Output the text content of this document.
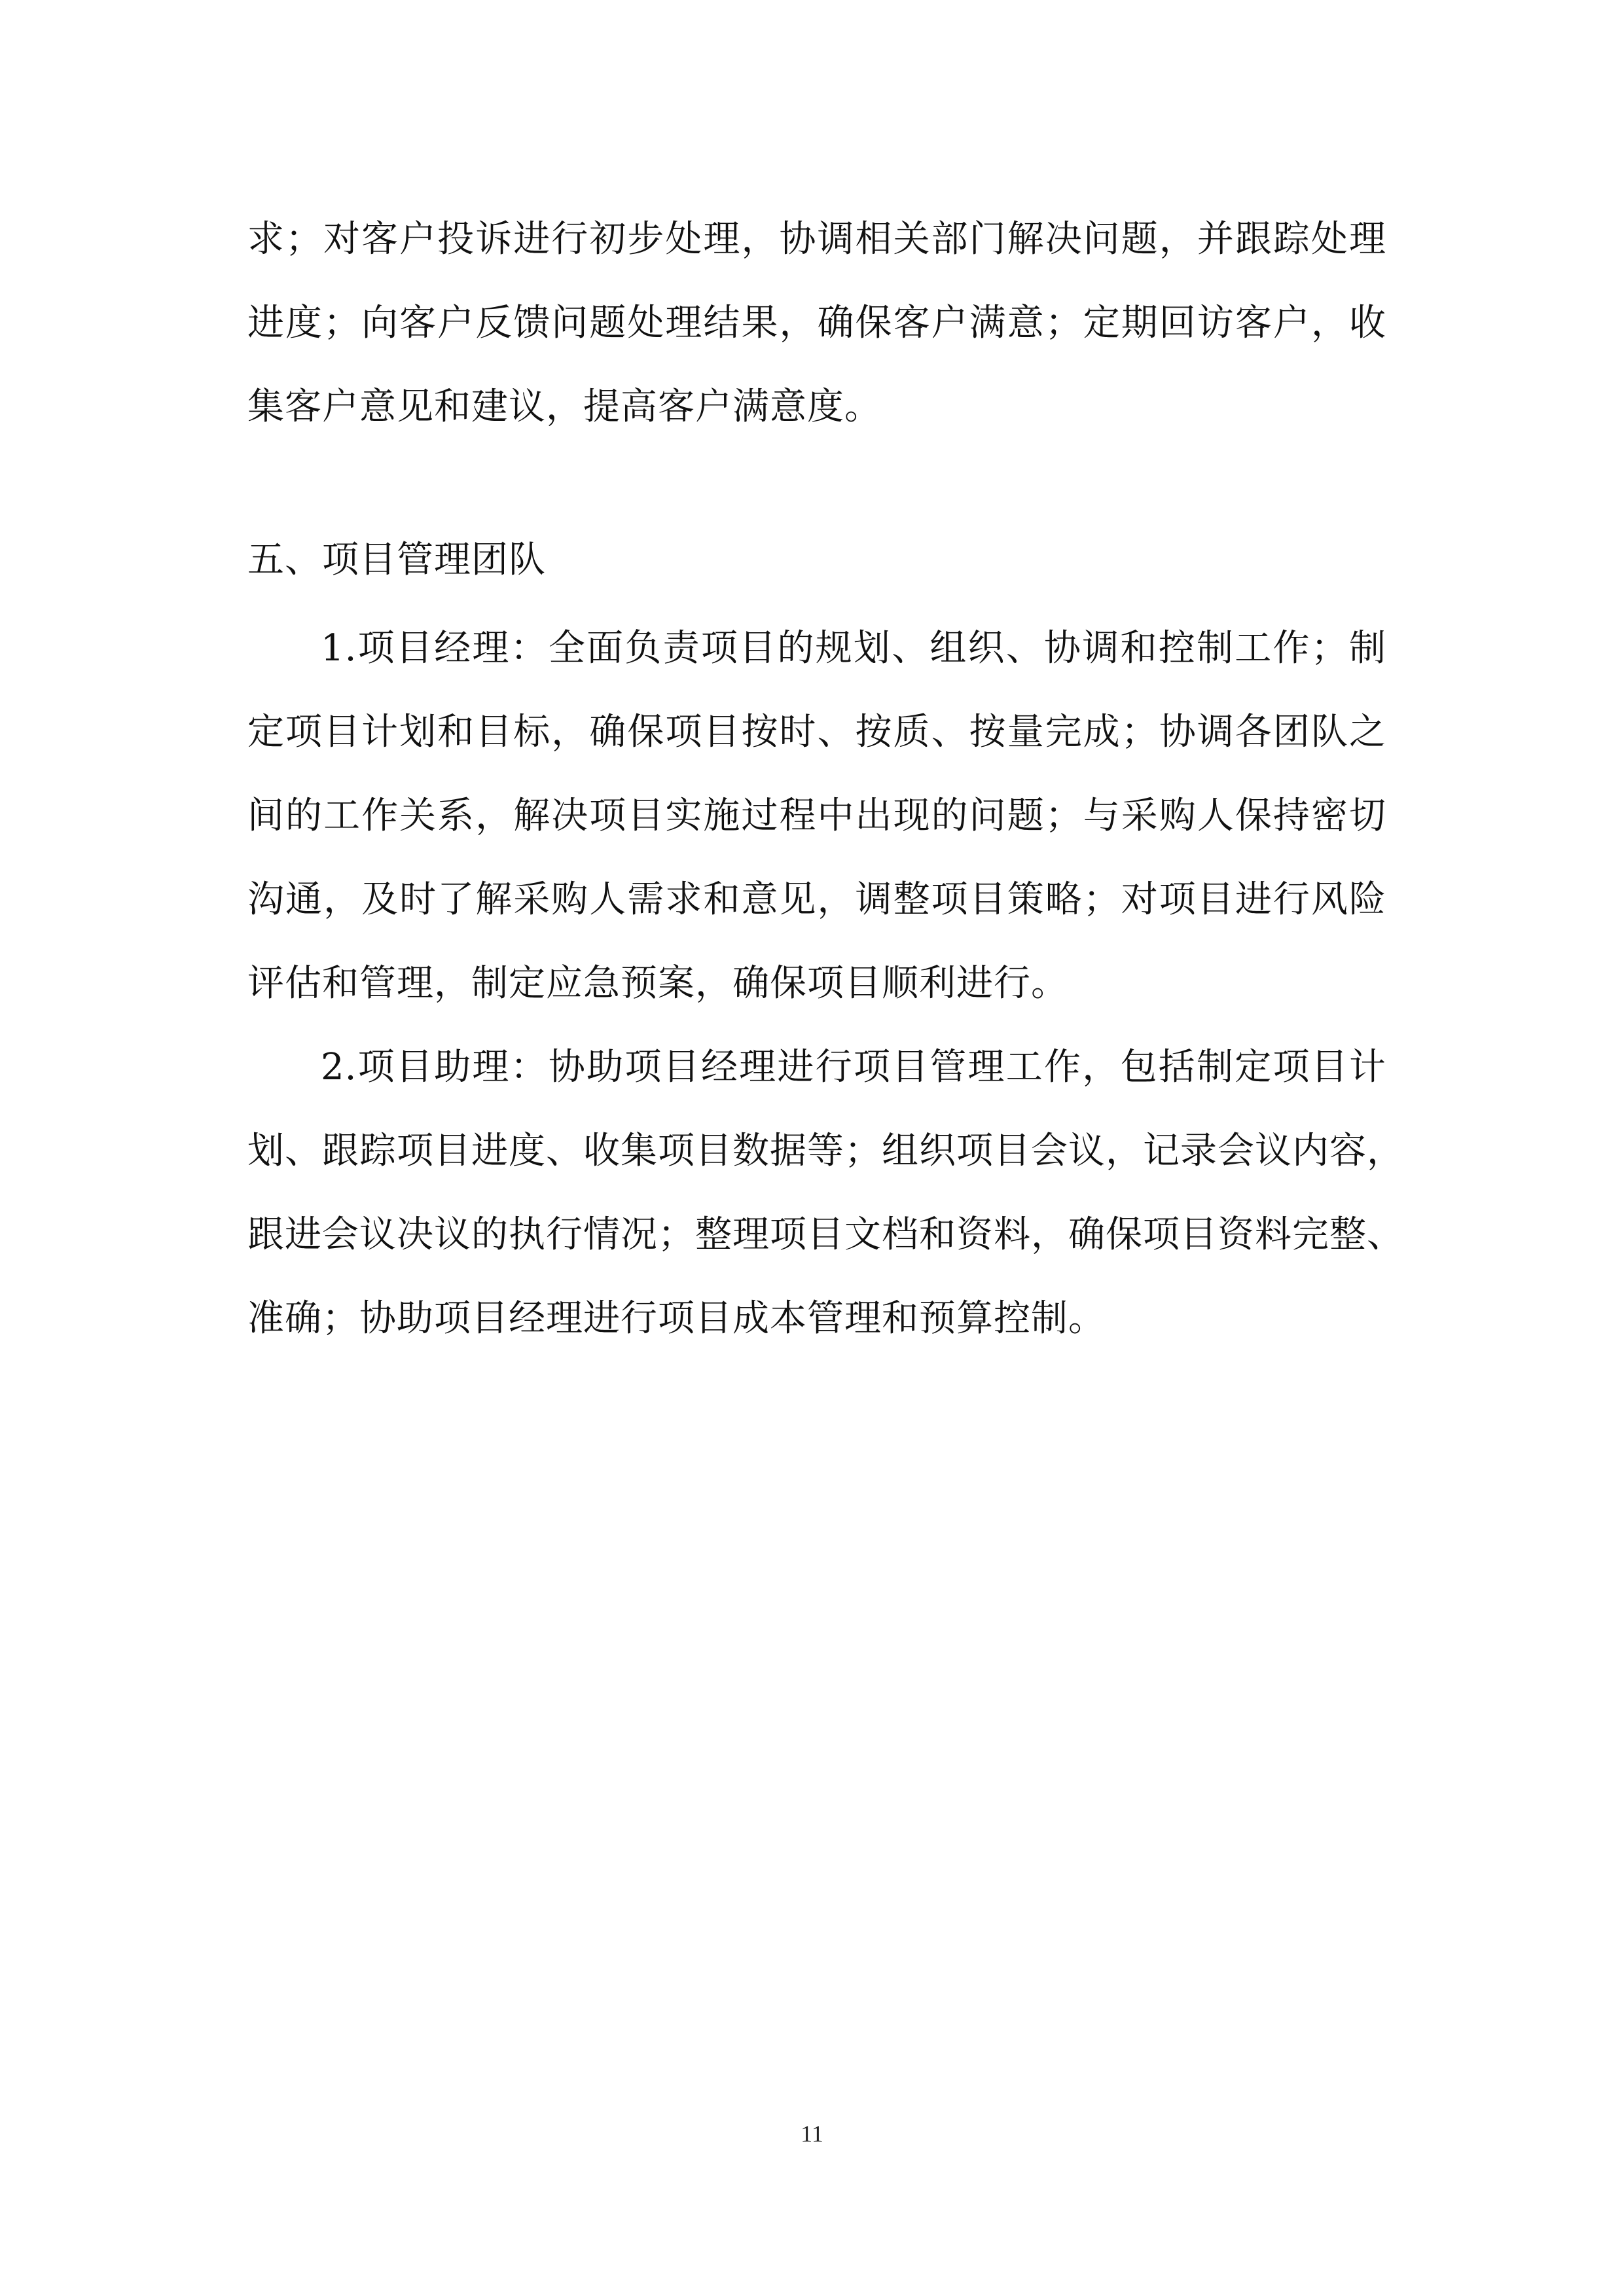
求；对客户投诉进行初步处理，协调相关部门解决问题，并跟踪处理
进度；向客户反馈问题处理结果，确保客户满意；定期回访客户，收
集客户意见和建议，提高客户满意度。
五、项目管理团队
1.项目经理：全面负责项目的规划、组织、协调和控制工作；制
定项目计划和目标，确保项目按时、按质、按量完成；协调各团队之
间的工作关系，解决项目实施过程中出现的问题；与采购人保持密切
沟通，及时了解采购人需求和意见，调整项目策略；对项目进行风险
评估和管理，制定应急预案，确保项目顺利进行。
2.项目助理：协助项目经理进行项目管理工作，包括制定项目计
划、跟踪项目进度、收集项目数据等；组织项目会议，记录会议内容，
跟进会议决议的执行情况；整理项目文档和资料，确保项目资料完整、
准确；协助项目经理进行项目成本管理和预算控制。
11
